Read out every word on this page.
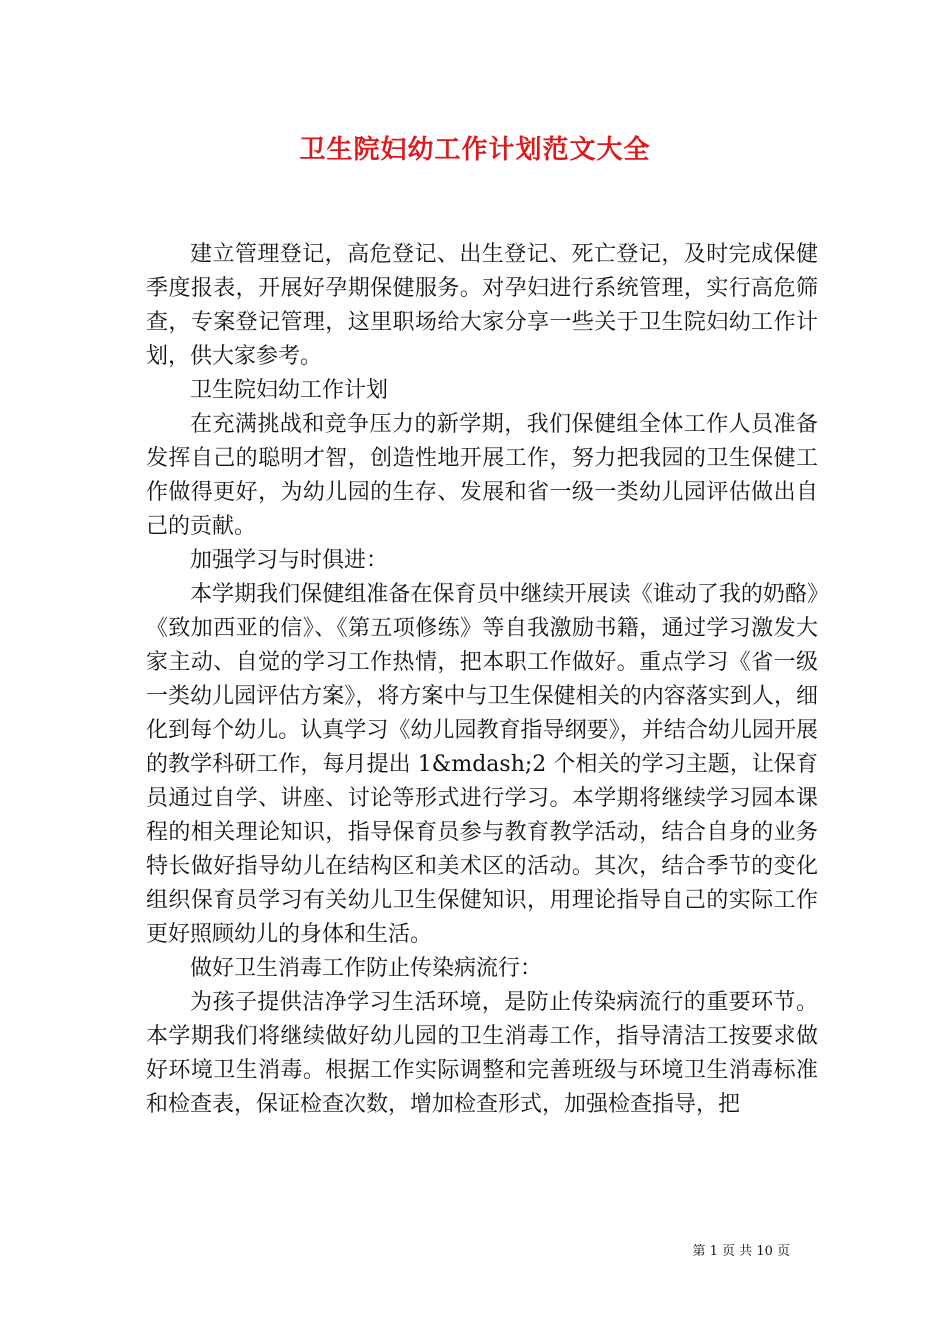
卫生院妇幼工作计划范文大全

建立管理登记，高危登记、出生登记、死亡登记，及时完成保健季度报表，开展好孕期保健服务。对孕妇进行系统管理，实行高危筛查，专案登记管理，这里职场给大家分享一些关于卫生院妇幼工作计划，供大家参考。

卫生院妇幼工作计划

在充满挑战和竞争压力的新学期，我们保健组全体工作人员准备发挥自己的聪明才智，创造性地开展工作，努力把我园的卫生保健工作做得更好，为幼儿园的生存、发展和省一级一类幼儿园评估做出自己的贡献。

加强学习与时俱进：

本学期我们保健组准备在保育员中继续开展读《谁动了我的奶酪》《致加西亚的信》、《第五项修练》等自我激励书籍，通过学习激发大家主动、自觉的学习工作热情，把本职工作做好。重点学习《省一级一类幼儿园评估方案》，将方案中与卫生保健相关的内容落实到人，细化到每个幼儿。认真学习《幼儿园教育指导纲要》，并结合幼儿园开展的教学科研工作，每月提出 1&mdash;2 个相关的学习主题，让保育员通过自学、讲座、讨论等形式进行学习。本学期将继续学习园本课程的相关理论知识，指导保育员参与教育教学活动，结合自身的业务特长做好指导幼儿在结构区和美术区的活动。其次，结合季节的变化组织保育员学习有关幼儿卫生保健知识，用理论指导自己的实际工作更好照顾幼儿的身体和生活。

做好卫生消毒工作防止传染病流行：

为孩子提供洁净学习生活环境，是防止传染病流行的重要环节。本学期我们将继续做好幼儿园的卫生消毒工作，指导清洁工按要求做好环境卫生消毒。根据工作实际调整和完善班级与环境卫生消毒标准和检查表，保证检查次数，增加检查形式，加强检查指导，把

第 1 页 共 10 页
